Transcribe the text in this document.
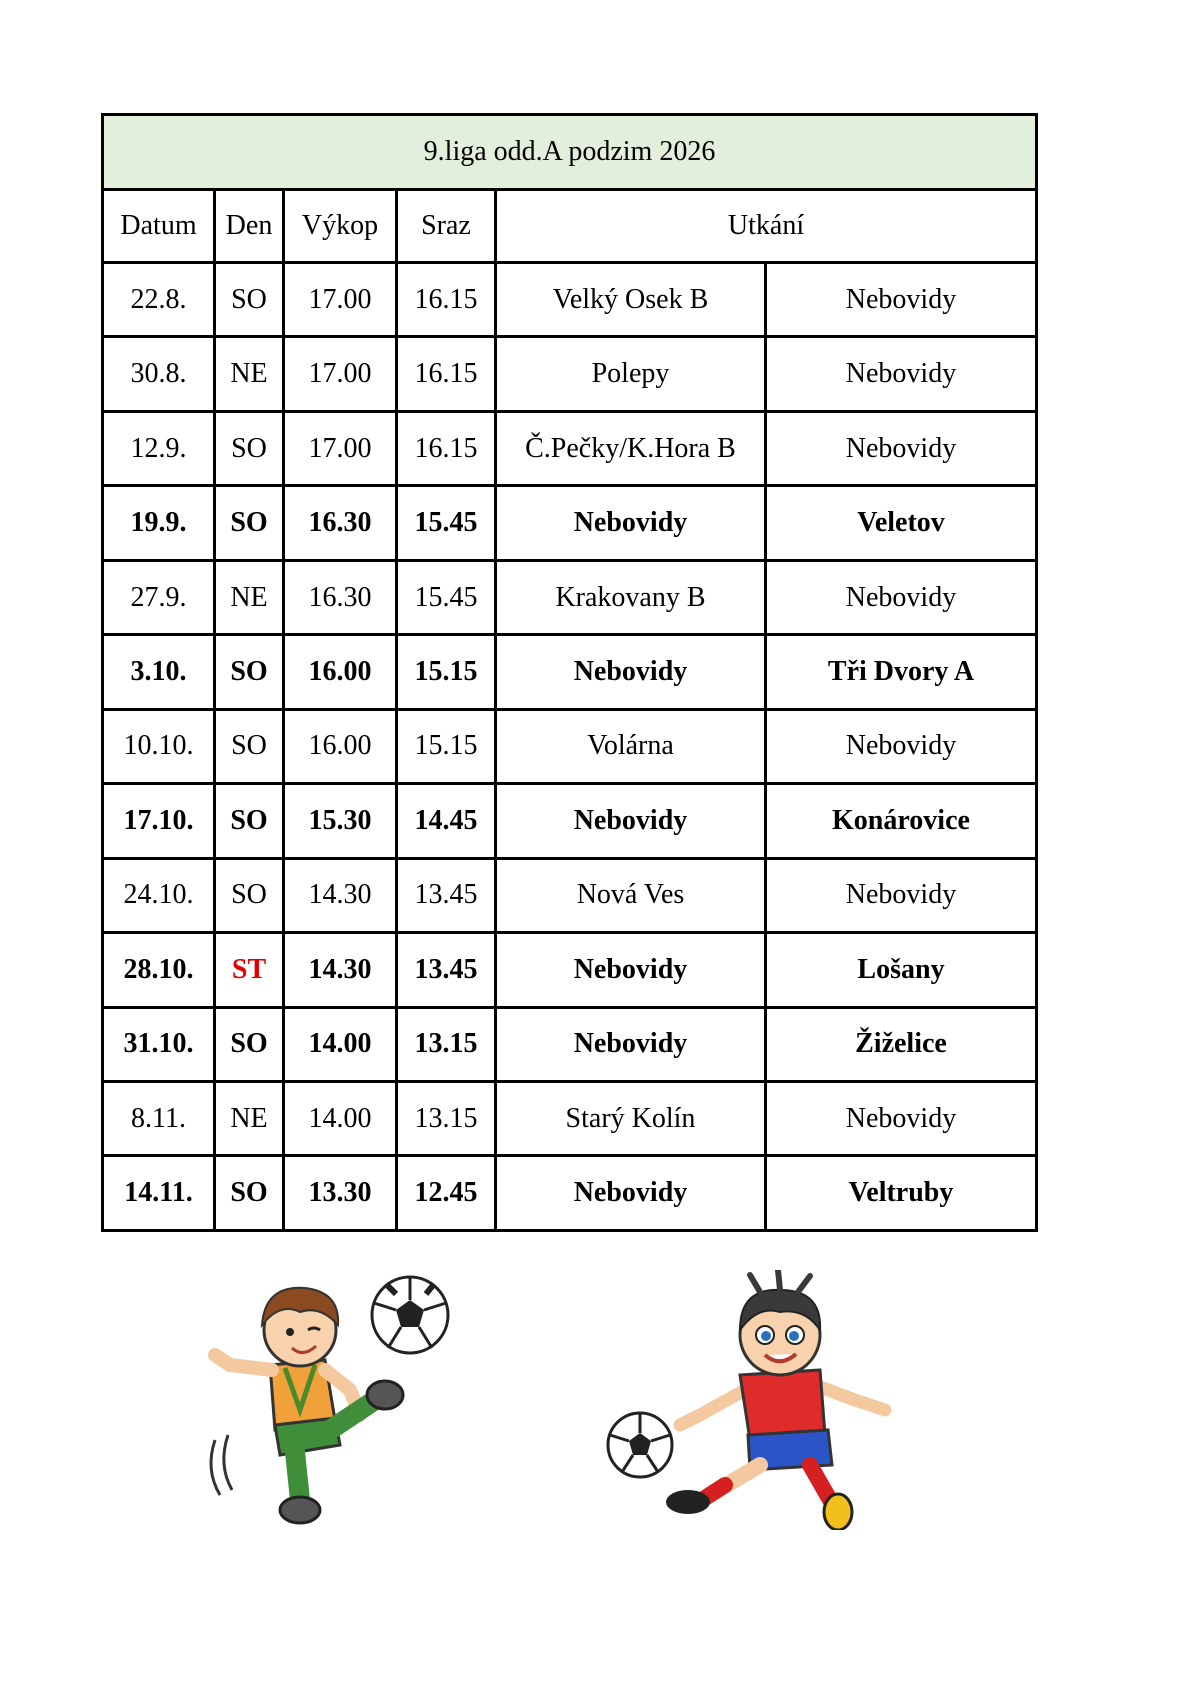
9.liga odd.A podzim 2026					
Datum	Den	Výkop	Sraz	Utkání	
22.8.	SO	17.00	16.15	Velký Osek B	Nebovidy
30.8.	NE	17.00	16.15	Polepy	Nebovidy
12.9.	SO	17.00	16.15	Č.Pečky/K.Hora B	Nebovidy
19.9.	SO	16.30	15.45	Nebovidy	Veletov
27.9.	NE	16.30	15.45	Krakovany B	Nebovidy
3.10.	SO	16.00	15.15	Nebovidy	Tři Dvory A
10.10.	SO	16.00	15.15	Volárna	Nebovidy
17.10.	SO	15.30	14.45	Nebovidy	Konárovice
24.10.	SO	14.30	13.45	Nová Ves	Nebovidy
28.10.	ST	14.30	13.45	Nebovidy	Lošany
31.10.	SO	14.00	13.15	Nebovidy	Žiželice
8.11.	NE	14.00	13.15	Starý Kolín	Nebovidy
14.11.	SO	13.30	12.45	Nebovidy	Veltruby
